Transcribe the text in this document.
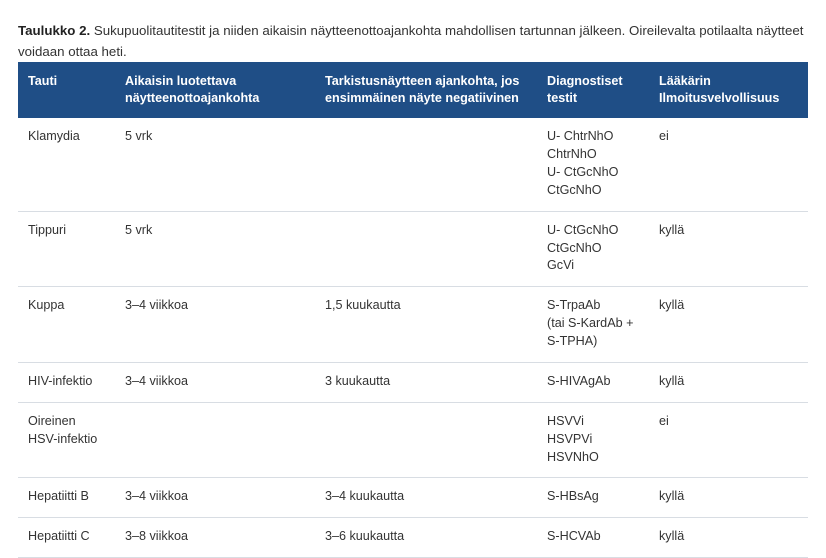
Taulukko 2. Sukupuolitautitestit ja niiden aikaisin näytteenottoajankohta mahdollisen tartunnan jälkeen. Oireilevalta potilaalta näytteet voidaan ottaa heti.

Tauti	Aikaisin luotettava näytteenottoajankohta	Tarkistusnäytteen ajankohta, jos ensimmäinen näyte negatiivinen	Diagnostiset testit	Lääkärin Ilmoitusvelvollisuus
Klamydia	5 vrk		U- ChtrNhO
ChtrNhO
U- CtGcNhO
CtGcNhO	ei
Tippuri	5 vrk		U- CtGcNhO
CtGcNhO
GcVi	kyllä
Kuppa	3–4 viikkoa	1,5 kuukautta	S-TrpaAb
(tai S-KardAb +
S-TPHA)	kyllä
HIV-infektio	3–4 viikkoa	3 kuukautta	S-HIVAgAb	kyllä
Oireinen HSV-infektio			HSVVi
HSVPVi
HSVNhO	ei
Hepatiitti B	3–4 viikkoa	3–4 kuukautta	S-HBsAg	kyllä
Hepatiitti C	3–8 viikkoa	3–6 kuukautta	S-HCVAb	kyllä
